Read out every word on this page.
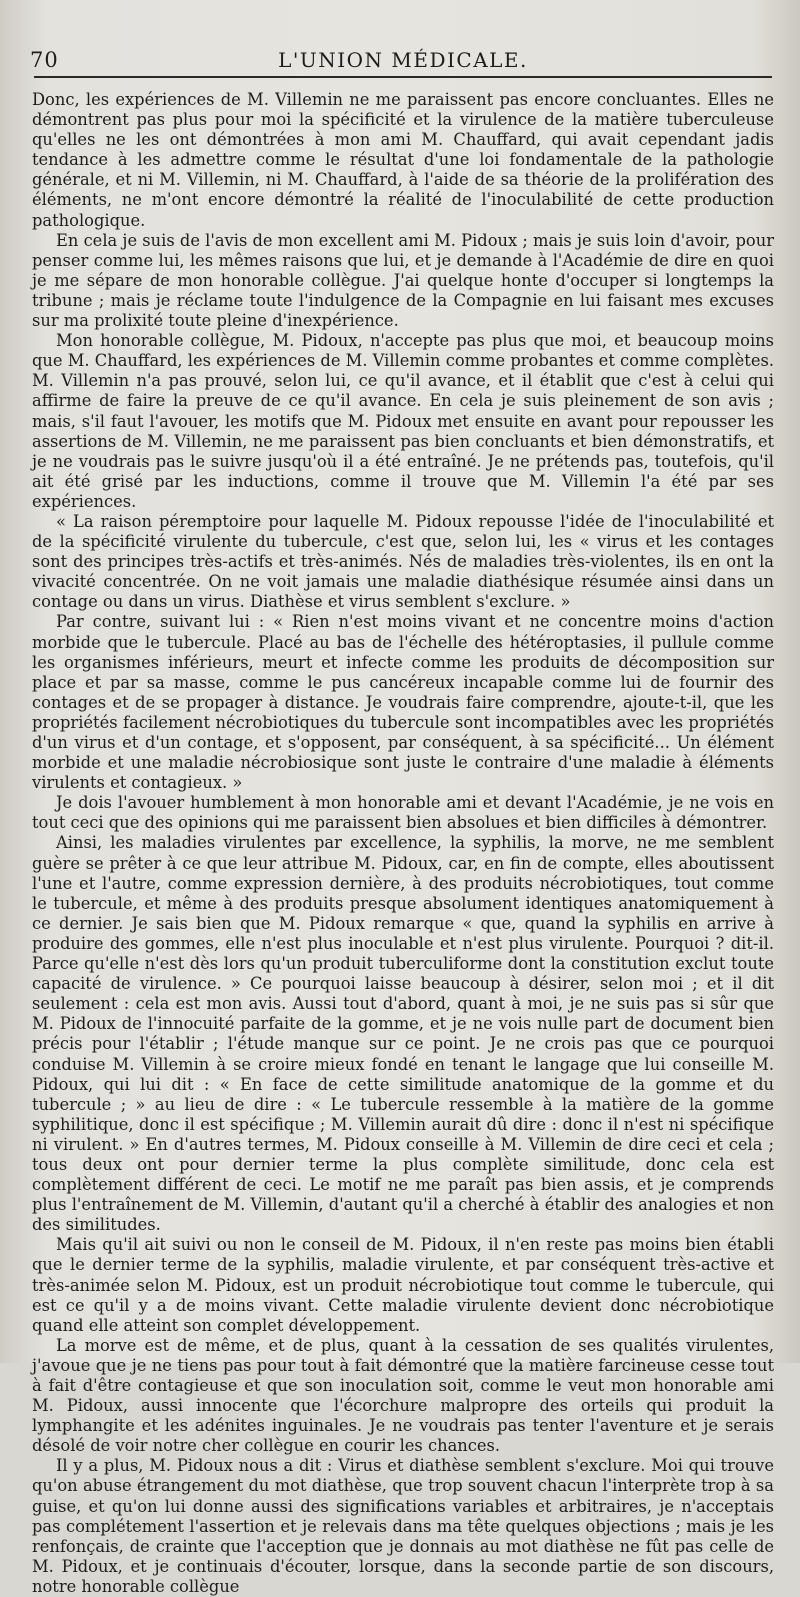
70	L'UNION MÉDICALE.

Donc, les expériences de M. Villemin ne me paraissent pas encore concluantes. Elles ne démontrent pas plus pour moi la spécificité et la virulence de la matière tuberculeuse qu'elles ne les ont démontrées à mon ami M. Chauffard, qui avait cependant jadis tendance à les admettre comme le résultat d'une loi fondamentale de la pathologie générale, et ni M. Villemin, ni M. Chauffard, à l'aide de sa théorie de la prolifération des éléments, ne m'ont encore démontré la réalité de l'inoculabilité de cette production pathologique.

En cela je suis de l'avis de mon excellent ami M. Pidoux ; mais je suis loin d'avoir, pour penser comme lui, les mêmes raisons que lui, et je demande à l'Académie de dire en quoi je me sépare de mon honorable collègue. J'ai quelque honte d'occuper si longtemps la tribune ; mais je réclame toute l'indulgence de la Compagnie en lui faisant mes excuses sur ma prolixité toute pleine d'inexpérience.

Mon honorable collègue, M. Pidoux, n'accepte pas plus que moi, et beaucoup moins que M. Chauffard, les expériences de M. Villemin comme probantes et comme complètes. M. Villemin n'a pas prouvé, selon lui, ce qu'il avance, et il établit que c'est à celui qui affirme de faire la preuve de ce qu'il avance. En cela je suis pleinement de son avis ; mais, s'il faut l'avouer, les motifs que M. Pidoux met ensuite en avant pour repousser les assertions de M. Villemin, ne me paraissent pas bien concluants et bien démonstratifs, et je ne voudrais pas le suivre jusqu'où il a été entraîné. Je ne prétends pas, toutefois, qu'il ait été grisé par les inductions, comme il trouve que M. Villemin l'a été par ses expériences.

« La raison péremptoire pour laquelle M. Pidoux repousse l'idée de l'inoculabilité et de la spécificité virulente du tubercule, c'est que, selon lui, les « virus et les contages sont des principes très-actifs et très-animés. Nés de maladies très-violentes, ils en ont la vivacité concentrée. On ne voit jamais une maladie diathésique résumée ainsi dans un contage ou dans un virus. Diathèse et virus semblent s'exclure. »

Par contre, suivant lui : « Rien n'est moins vivant et ne concentre moins d'action morbide que le tubercule. Placé au bas de l'échelle des hétéroptasies, il pullule comme les organismes inférieurs, meurt et infecte comme les produits de décomposition sur place et par sa masse, comme le pus cancéreux incapable comme lui de fournir des contages et de se propager à distance. Je voudrais faire comprendre, ajoute-t-il, que les propriétés facilement nécrobiotiques du tubercule sont incompatibles avec les propriétés d'un virus et d'un contage, et s'opposent, par conséquent, à sa spécificité... Un élément morbide et une maladie nécrobiosique sont juste le contraire d'une maladie à éléments virulents et contagieux. »

Je dois l'avouer humblement à mon honorable ami et devant l'Académie, je ne vois en tout ceci que des opinions qui me paraissent bien absolues et bien difficiles à démontrer.

Ainsi, les maladies virulentes par excellence, la syphilis, la morve, ne me semblent guère se prêter à ce que leur attribue M. Pidoux, car, en fin de compte, elles aboutissent l'une et l'autre, comme expression dernière, à des produits nécrobiotiques, tout comme le tubercule, et même à des produits presque absolument identiques anatomiquement à ce dernier. Je sais bien que M. Pidoux remarque « que, quand la syphilis en arrive à produire des gommes, elle n'est plus inoculable et n'est plus virulente. Pourquoi ? dit-il. Parce qu'elle n'est dès lors qu'un produit tuberculiforme dont la constitution exclut toute capacité de virulence. » Ce pourquoi laisse beaucoup à désirer, selon moi ; et il dit seulement : cela est mon avis. Aussi tout d'abord, quant à moi, je ne suis pas si sûr que M. Pidoux de l'innocuité parfaite de la gomme, et je ne vois nulle part de document bien précis pour l'établir ; l'étude manque sur ce point. Je ne crois pas que ce pourquoi conduise M. Villemin à se croire mieux fondé en tenant le langage que lui conseille M. Pidoux, qui lui dit : « En face de cette similitude anatomique de la gomme et du tubercule ; » au lieu de dire : « Le tubercule ressemble à la matière de la gomme syphilitique, donc il est spécifique ; M. Villemin aurait dû dire : donc il n'est ni spécifique ni virulent. » En d'autres termes, M. Pidoux conseille à M. Villemin de dire ceci et cela ; tous deux ont pour dernier terme la plus complète similitude, donc cela est complètement différent de ceci. Le motif ne me paraît pas bien assis, et je comprends plus l'entraînement de M. Villemin, d'autant qu'il a cherché à établir des analogies et non des similitudes.

Mais qu'il ait suivi ou non le conseil de M. Pidoux, il n'en reste pas moins bien établi que le dernier terme de la syphilis, maladie virulente, et par conséquent très-active et très-animée selon M. Pidoux, est un produit nécrobiotique tout comme le tubercule, qui est ce qu'il y a de moins vivant. Cette maladie virulente devient donc nécrobiotique quand elle atteint son complet développement.

La morve est de même, et de plus, quant à la cessation de ses qualités virulentes, j'avoue que je ne tiens pas pour tout à fait démontré que la matière farcineuse cesse tout à fait d'être contagieuse et que son inoculation soit, comme le veut mon honorable ami M. Pidoux, aussi innocente que l'écorchure malpropre des orteils qui produit la lymphangite et les adénites inguinales. Je ne voudrais pas tenter l'aventure et je serais désolé de voir notre cher collègue en courir les chances.

Il y a plus, M. Pidoux nous a dit : Virus et diathèse semblent s'exclure. Moi qui trouve qu'on abuse étrangement du mot diathèse, que trop souvent chacun l'interprète trop à sa guise, et qu'on lui donne aussi des significations variables et arbitraires, je n'acceptais pas complétement l'assertion et je relevais dans ma tête quelques objections ; mais je les renfonçais, de crainte que l'acception que je donnais au mot diathèse ne fût pas celle de M. Pidoux, et je continuais d'écouter, lorsque, dans la seconde partie de son discours, notre honorable collègue
